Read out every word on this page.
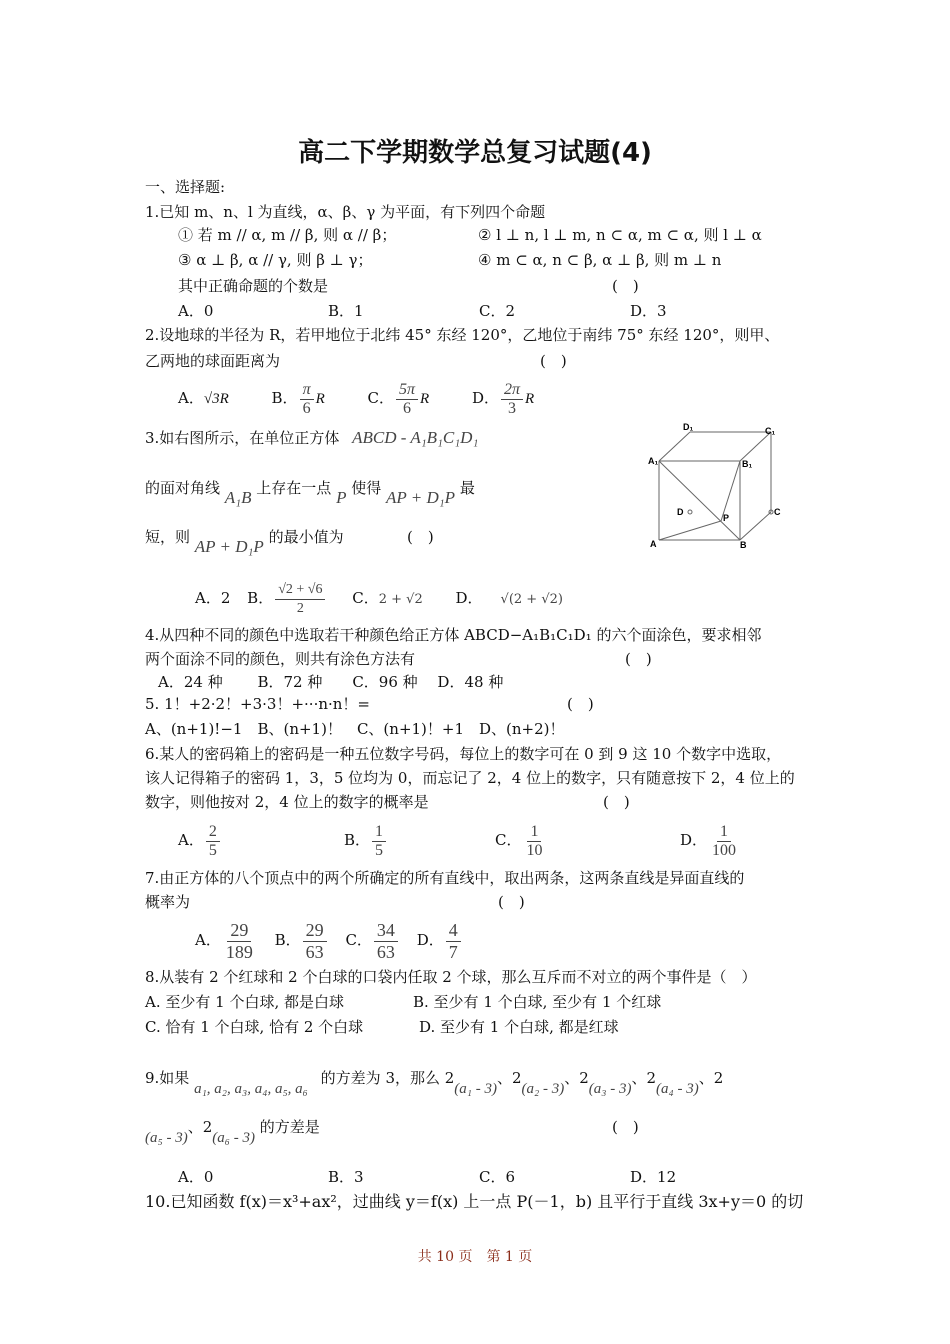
高二下学期数学总复习试题(4)
一、选择题:
1.已知 m、n、l 为直线，α、β、γ 为平面，有下列四个命题
① 若 m // α, m // β, 则 α // β；	② l ⊥ n, l ⊥ m, n ⊂ α, m ⊂ α, 则 l ⊥ α
③ α ⊥ β, α // γ, 则 β ⊥ γ；	④ m ⊂ α, n ⊂ β, α ⊥ β, 则 m ⊥ n
其中正确命题的个数是	(　)
A．0	B．1	C．2	D．3
2.设地球的半径为 R，若甲地位于北纬 45° 东经 120°，乙地位于南纬 75° 东经 120°，则甲、
乙两地的球面距离为	(　)
A．√3R	B． $\frac{\pi}{6}$ R	C． $\frac{5\pi}{6}$ R	D． $\frac{2\pi}{3}$ R
3.如右图所示，在单位正方体 ABCD - A₁B₁C₁D₁
的面对角线 A₁B 上存在一点 P 使得 AP + D₁P 最
短，则 AP + D₁P 的最小值为	(　)
A．2 B． $\frac{√2 + √6}{2}$ C．2 + √2 D． √(2 + √2)
D₁	C₁
A₁	B₁
D	C
P
A	B
4.从四种不同的颜色中选取若干种颜色给正方体 ABCD−A₁B₁C₁D₁ 的六个面涂色，要求相邻
两个面涂不同的颜色，则共有涂色方法有	(　)
A．24 种　　 B．72 种　　C．96 种　 D．48 种
5. 1！+2·2！+3·3！+···n·n！=	(　)
A、(n+1)!−1　B、(n+1)！　C、(n+1)！+1　D、(n+2)！
6.某人的密码箱上的密码是一种五位数字号码，每位上的数字可在 0 到 9 这 10 个数字中选取，
该人记得箱子的密码 1，3，5 位均为 0，而忘记了 2，4 位上的数字，只有随意按下 2，4 位上的
数字，则他按对 2，4 位上的数字的概率是	(　)
A． $\frac{2}{5}$	B． $\frac{1}{5}$	C． $\frac{1}{10}$	D． $\frac{1}{100}$
7.由正方体的八个顶点中的两个所确定的所有直线中，取出两条，这两条直线是异面直线的
概率为	(　)
A． $\frac{29}{189}$ B． $\frac{29}{63}$ C． $\frac{34}{63}$ D． $\frac{4}{7}$
8.从装有 2 个红球和 2 个白球的口袋内任取 2 个球，那么互斥而不对立的两个事件是（　）
A. 至少有 1 个白球, 都是白球	B. 至少有 1 个白球, 至少有 1 个红球
C. 恰有 1 个白球, 恰有 2 个白球	D. 至少有 1 个白球, 都是红球
9.如果 a₁, a₂, a₃, a₄, a₅, a₆ 的方差为 3，那么 2(a₁ - 3)、2(a₂ - 3)、2(a₃ - 3)、2(a₄ - 3)、2
(a₅ - 3)、2(a₆ - 3) 的方差是	(　)
A．0	B．3	C．6	D．12
10.已知函数 f(x)＝x³+ax²，过曲线 y＝f(x) 上一点 P(－1，b) 且平行于直线 3x+y＝0 的切
共 10 页　第 1 页
